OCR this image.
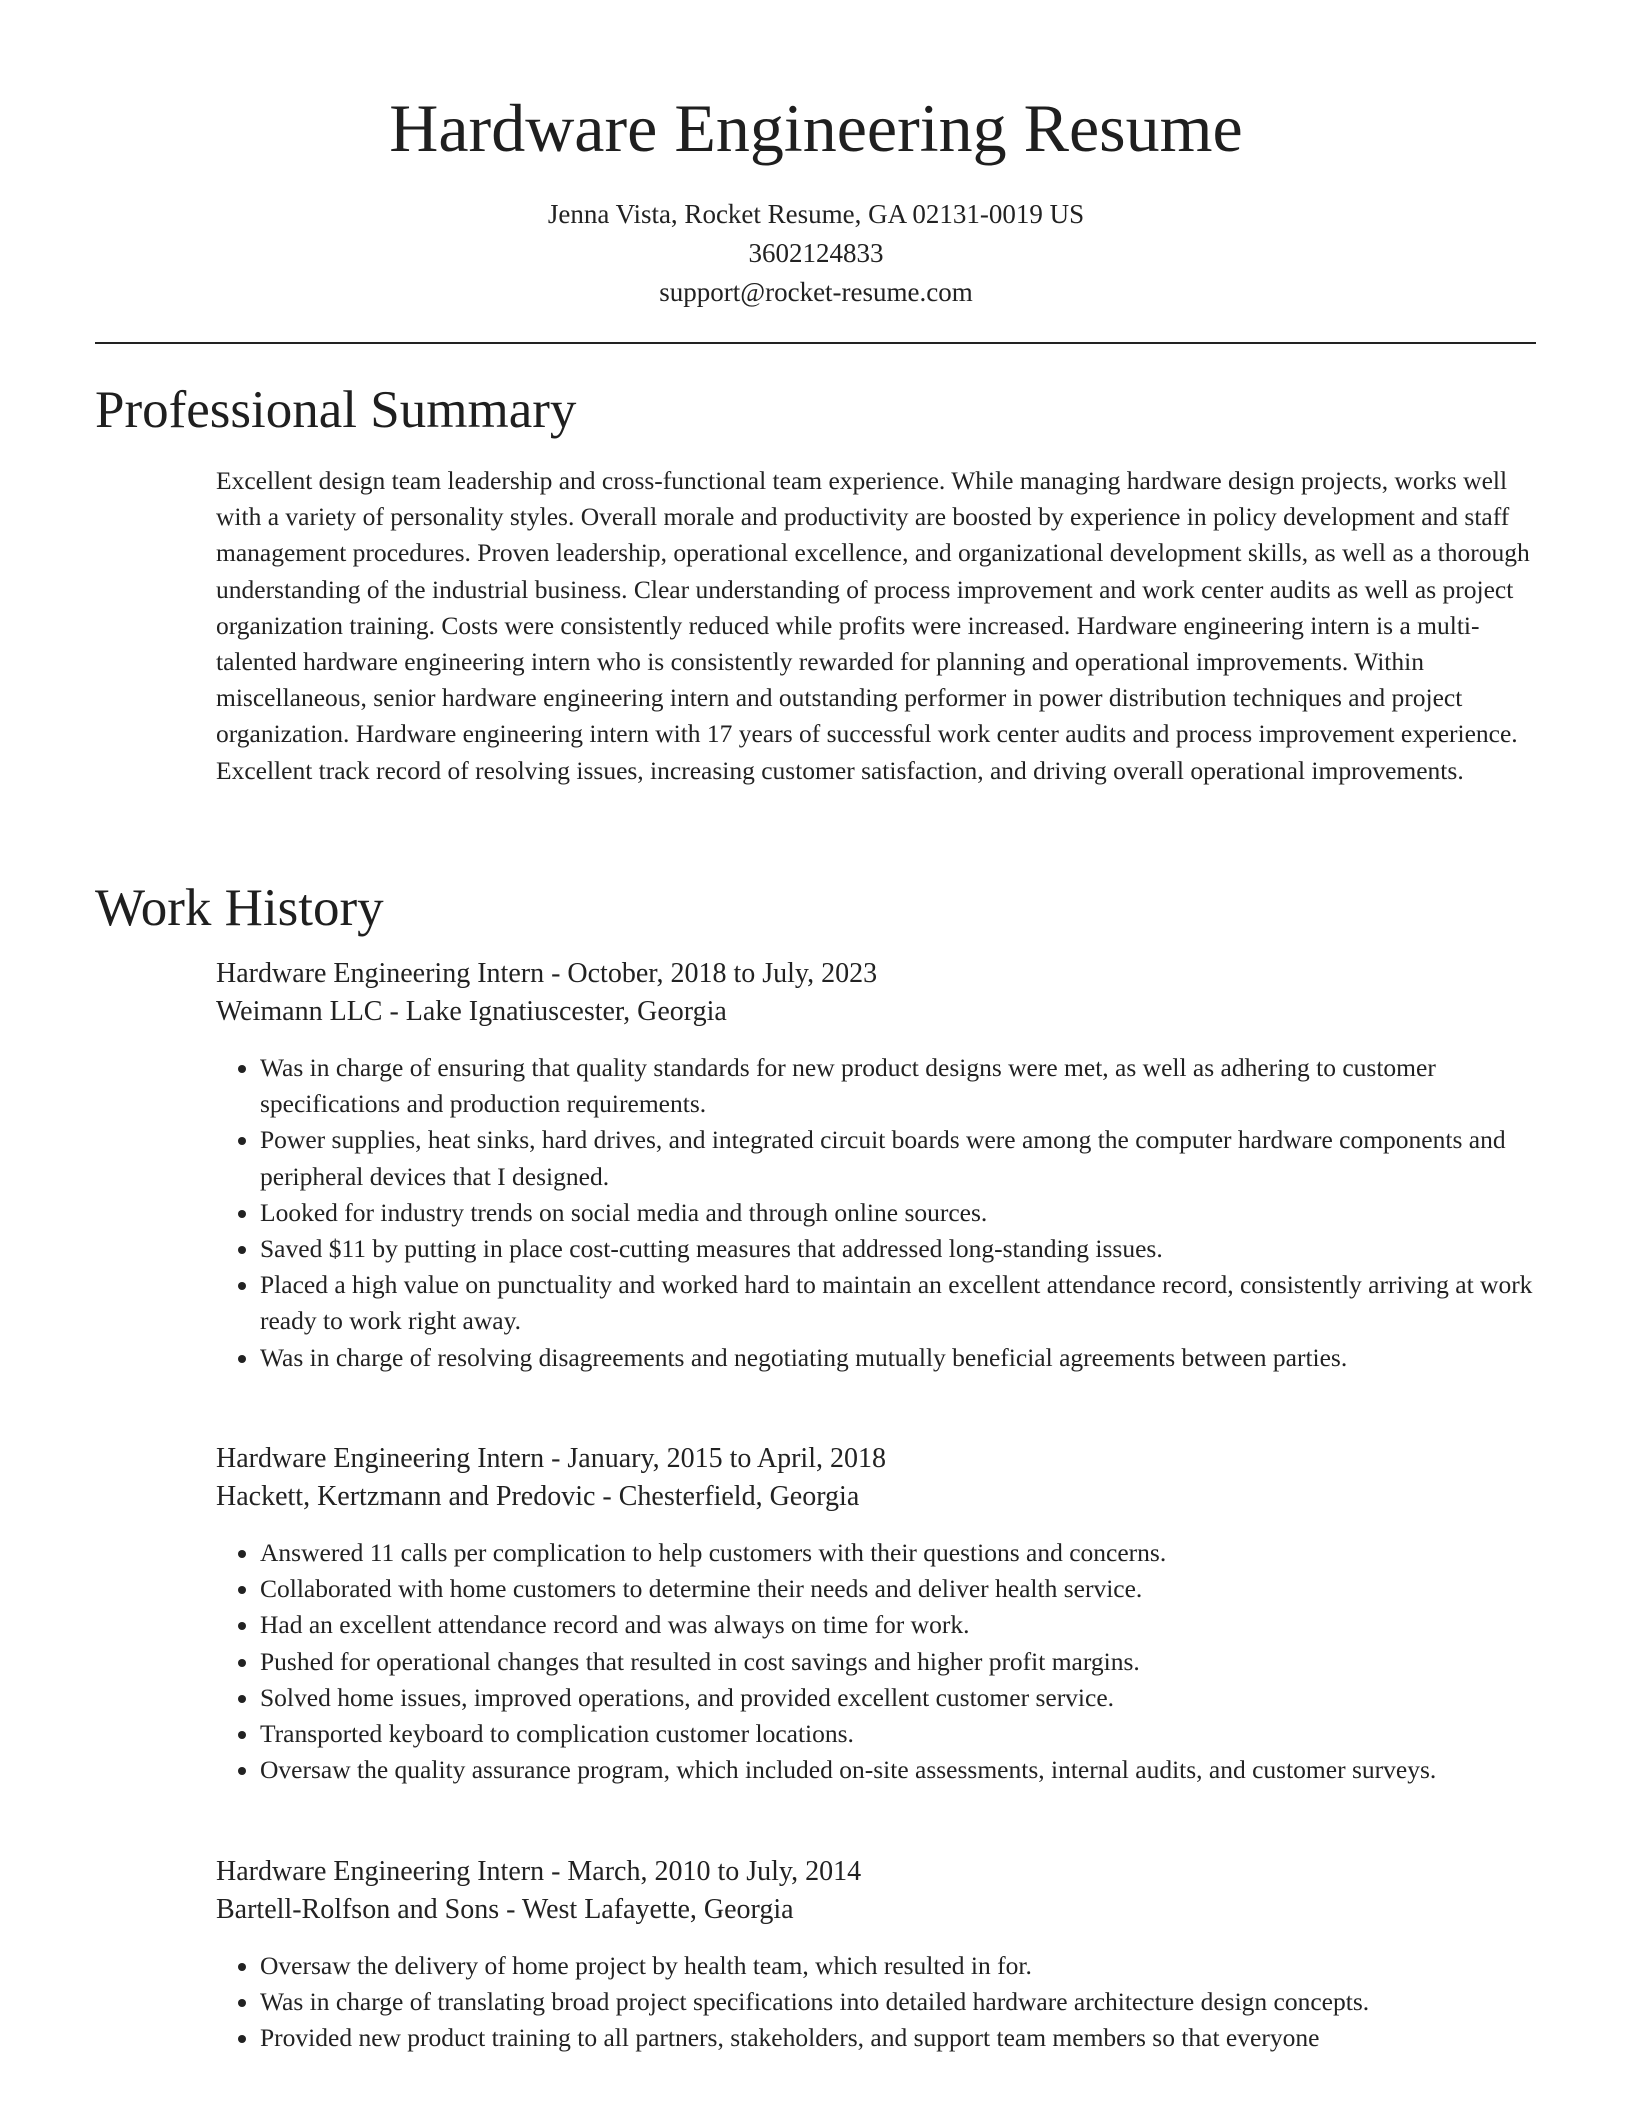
Hardware Engineering Resume
Jenna Vista, Rocket Resume, GA 02131-0019 US
3602124833
support@rocket-resume.com
Professional Summary

Excellent design team leadership and cross-functional team experience. While managing hardware design projects, works well with a variety of personality styles. Overall morale and productivity are boosted by experience in policy development and staff management procedures. Proven leadership, operational excellence, and organizational development skills, as well as a thorough understanding of the industrial business. Clear understanding of process improvement and work center audits as well as project organization training. Costs were consistently reduced while profits were increased. Hardware engineering intern is a multi-talented hardware engineering intern who is consistently rewarded for planning and operational improvements. Within miscellaneous, senior hardware engineering intern and outstanding performer in power distribution techniques and project organization. Hardware engineering intern with 17 years of successful work center audits and process improvement experience. Excellent track record of resolving issues, increasing customer satisfaction, and driving overall operational improvements.

Work History
Hardware Engineering Intern - October, 2018 to July, 2023
Weimann LLC - Lake Ignatiuscester, Georgia
• Was in charge of ensuring that quality standards for new product designs were met, as well as adhering to customer specifications and production requirements.
• Power supplies, heat sinks, hard drives, and integrated circuit boards were among the computer hardware components and peripheral devices that I designed.
• Looked for industry trends on social media and through online sources.
• Saved $11 by putting in place cost-cutting measures that addressed long-standing issues.
• Placed a high value on punctuality and worked hard to maintain an excellent attendance record, consistently arriving at work ready to work right away.
• Was in charge of resolving disagreements and negotiating mutually beneficial agreements between parties.
Hardware Engineering Intern - January, 2015 to April, 2018
Hackett, Kertzmann and Predovic - Chesterfield, Georgia
• Answered 11 calls per complication to help customers with their questions and concerns.
• Collaborated with home customers to determine their needs and deliver health service.
• Had an excellent attendance record and was always on time for work.
• Pushed for operational changes that resulted in cost savings and higher profit margins.
• Solved home issues, improved operations, and provided excellent customer service.
• Transported keyboard to complication customer locations.
• Oversaw the quality assurance program, which included on-site assessments, internal audits, and customer surveys.
Hardware Engineering Intern - March, 2010 to July, 2014
Bartell-Rolfson and Sons - West Lafayette, Georgia
• Oversaw the delivery of home project by health team, which resulted in for.
• Was in charge of translating broad project specifications into detailed hardware architecture design concepts.
• Provided new product training to all partners, stakeholders, and support team members so that everyone
